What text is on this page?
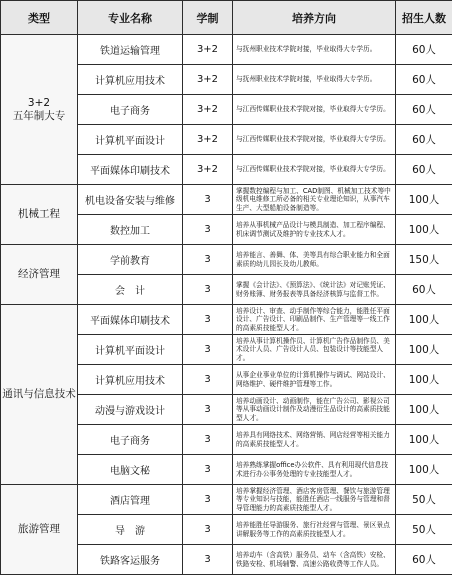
类型	专业名称	学制	培养方向	招生人数

3+2
五年制大专	铁道运输管理	3+2	与抚州职业技术学院对接，毕业取得大专学历。	60人
	计算机应用技术	3+2	与抚州职业技术学院对接，毕业取得大专学历。	60人
	电子商务	3+2	与江西传媒职业技术学院对接，毕业取得大专学历。	60人
	计算机平面设计	3+2	与江西传媒职业技术学院对接，毕业取得大专学历。	60人
	平面媒体印刷技术	3+2	与江西传媒职业技术学院对接，毕业取得大专学历。	60人

机械工程	机电设备安装与维修	3	掌握数控编程与加工、CAD制图、机械加工技术等中级机电维修工所必备的相关专业理论知识，从事汽车生产、大型船舶设备制造等。	100人
	数控加工	3	培养从事机械产品设计与模具制造、加工程序编程、机床调节测试及维护的专业技术人才。	100人

经济管理	学前教育	3	培养能言、善舞、体、美等具有综合职业能力和全面素质的幼儿园长及幼儿教师。	150人
	会　计	3	掌握《会计法》、《预算法》、《统计法》对记账凭证、财务账簿、财务报表等具备经济核算与监督工作。	60人

通讯与信息技术	平面媒体印刷技术	3	培养设计、审查、动手制作等综合能力，能胜任平面设计、广告设计、印刷品制作、生产管理等一线工作的高素质技能型人才。	100人
	计算机平面设计	3	培养从事计算机操作员、计算机广告作品制作员、美术设计人员、广告设计人员、包装设计等技能型人才。	100人
	计算机应用技术	3	从事企业事业单位的计算机操作与调试、网站设计、网络维护、硬件维护管理等工作。	100人
	动漫与游戏设计	3	培养动画设计、动画制作，能在广告公司、影视公司等从事动画设计制作及动漫衍生品设计的高素质技能型人才。	100人
	电子商务	3	培养具有网络技术、网络营销、网店经营等相关能力的高素质技能型人才。	100人
	电脑文秘	3	培养熟练掌握office办公软件、具有利用现代信息技术进行办公事务处理的专业技能型人才。	100人

旅游管理	酒店管理	3	培养掌握经济管理、酒店客房管理、餐饮与旅游管理等专业知识与技能，能胜任酒店一线服务与管理和督导管理能力的高素质技能型人才。	50人
	导　游	3	培养能胜任导游服务、旅行社经营与管理、景区景点讲解服务等工作的高素质技能型人才。	50人
	铁路客运服务	3	培养动车（含高铁）服务员、动车（含高铁）安检、铁路安检、机场辅警、高速公路收费等工作人员。	60人
